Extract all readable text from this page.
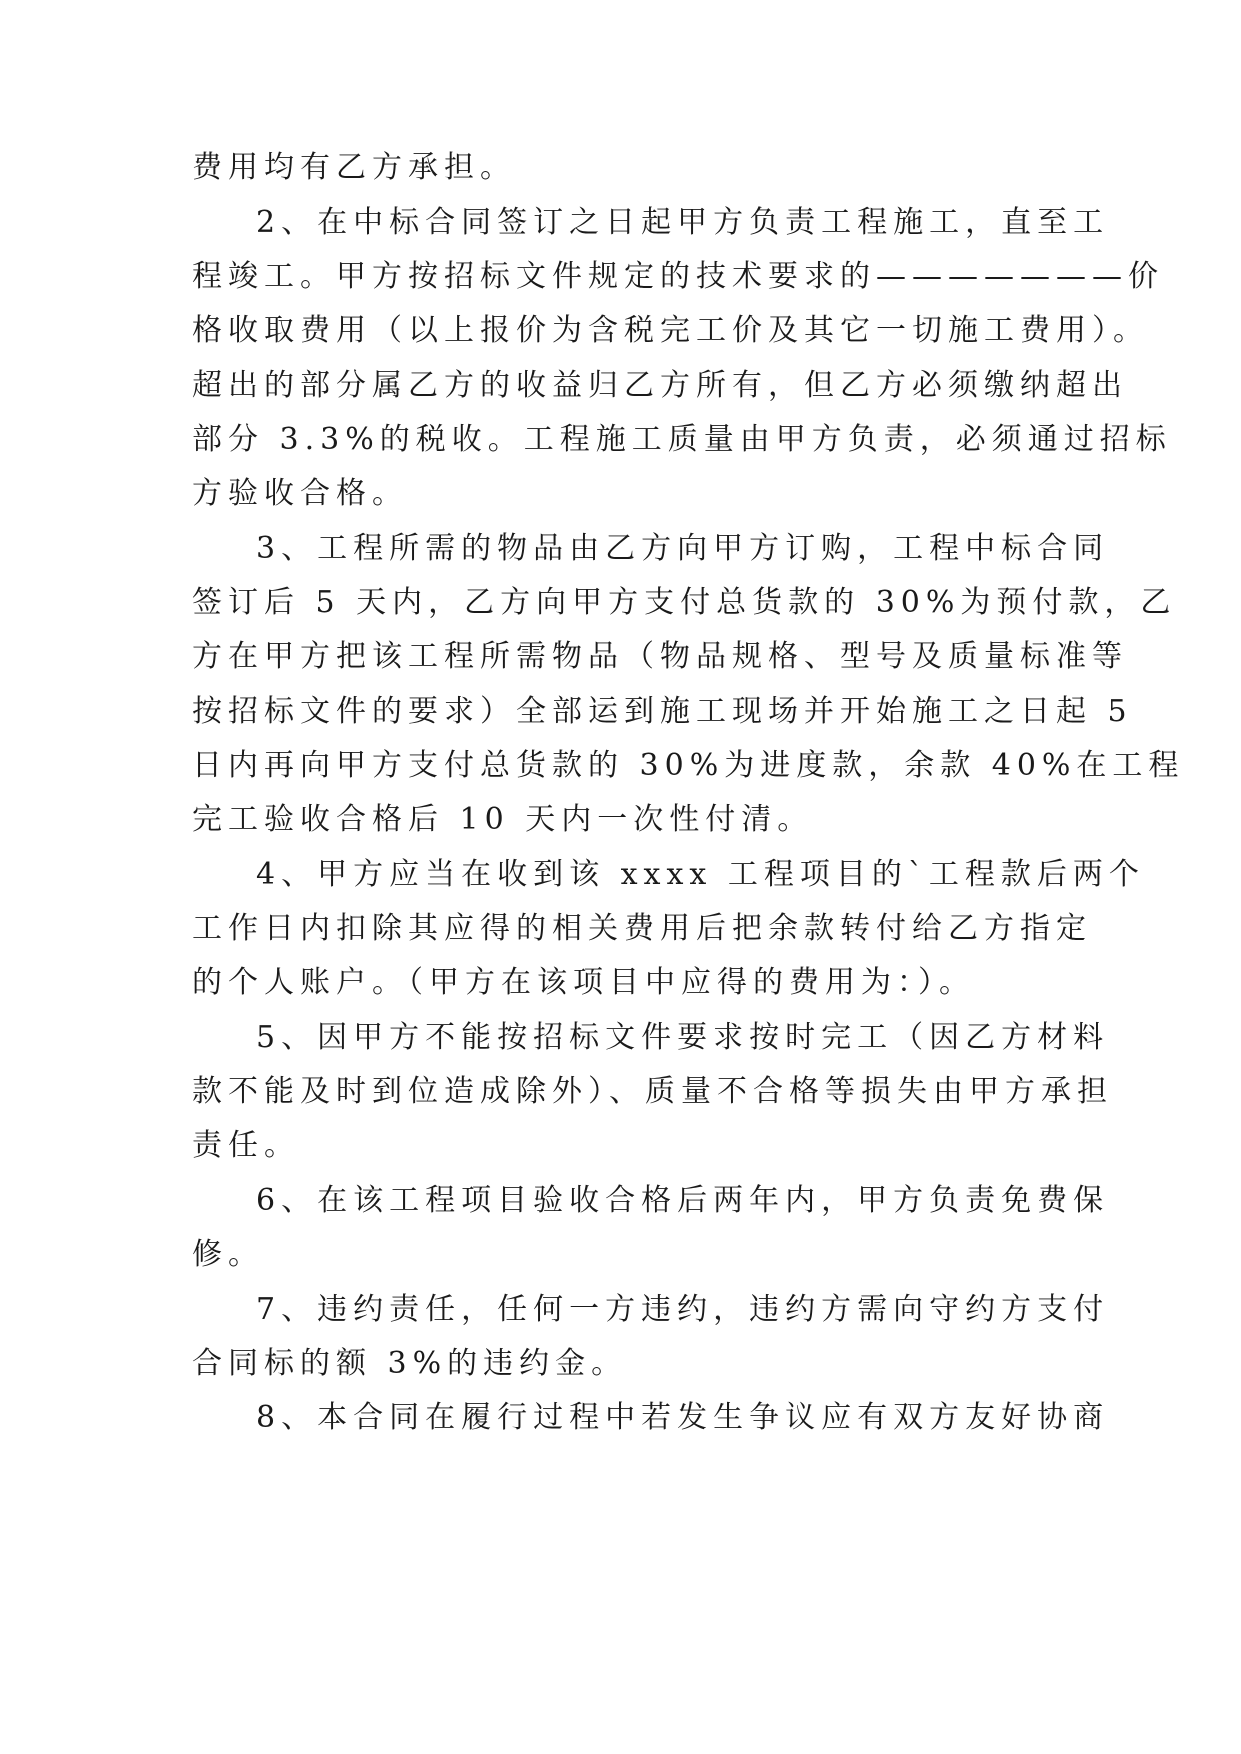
费用均有乙方承担。
2、在中标合同签订之日起甲方负责工程施工，直至工
程竣工。甲方按招标文件规定的技术要求的———————价
格收取费用（以上报价为含税完工价及其它一切施工费用）。
超出的部分属乙方的收益归乙方所有，但乙方必须缴纳超出
部分 3.3%的税收。工程施工质量由甲方负责，必须通过招标
方验收合格。
3、工程所需的物品由乙方向甲方订购，工程中标合同
签订后 5 天内，乙方向甲方支付总货款的 30%为预付款，乙
方在甲方把该工程所需物品（物品规格、型号及质量标准等
按招标文件的要求）全部运到施工现场并开始施工之日起 5
日内再向甲方支付总货款的 30%为进度款，余款 40%在工程
完工验收合格后 10 天内一次性付清。
4、甲方应当在收到该 xxxx 工程项目的`工程款后两个
工作日内扣除其应得的相关费用后把余款转付给乙方指定
的个人账户。（甲方在该项目中应得的费用为：）。
5、因甲方不能按招标文件要求按时完工（因乙方材料
款不能及时到位造成除外）、质量不合格等损失由甲方承担
责任。
6、在该工程项目验收合格后两年内，甲方负责免费保
修。
7、违约责任，任何一方违约，违约方需向守约方支付
合同标的额 3%的违约金。
8、本合同在履行过程中若发生争议应有双方友好协商
